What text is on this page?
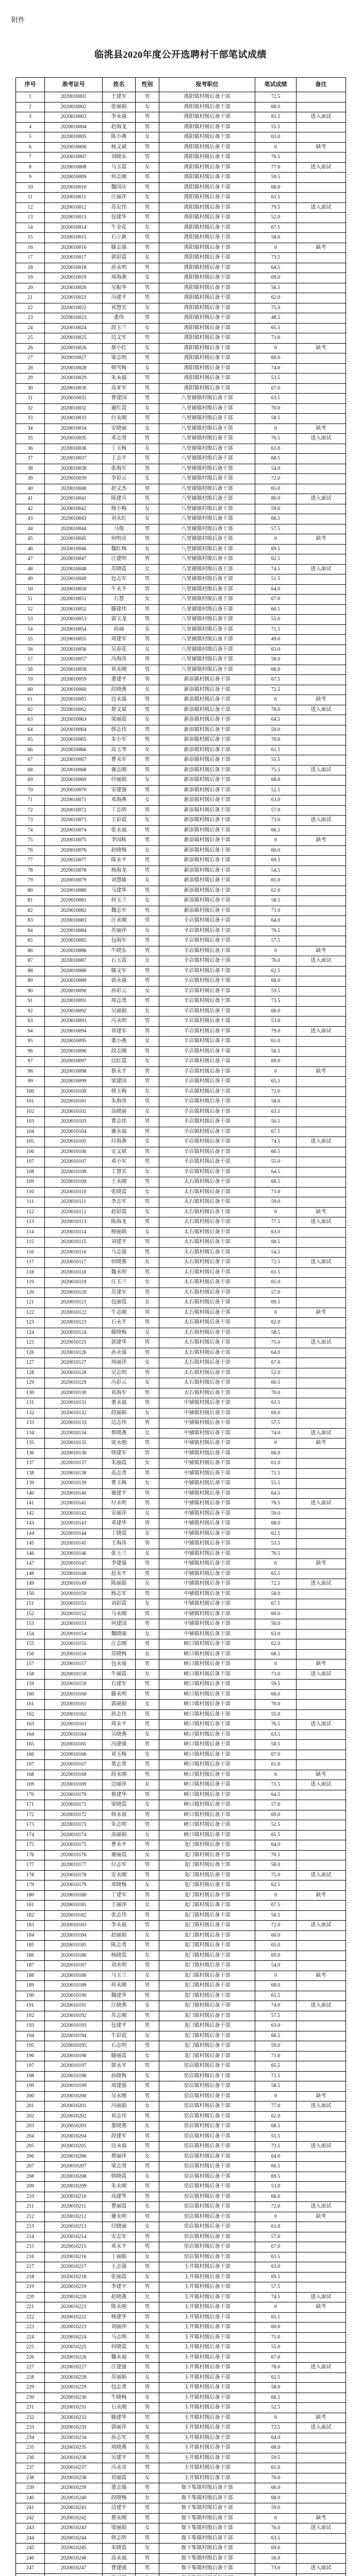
附件
临洮县2020年度公开选聘村干部笔试成绩
序号	准考证号	姓名	性别	报考职位	笔试成绩	备注
1	2020010001	王建军	男	洮阳镇村级后备干部	72.5
2	2020010002	张丽娟	女	洮阳镇村级后备干部	68.0
3	2020010003	李永强	男	洮阳镇村级后备干部	81.5	进入面试
4	2020010004	赵海龙	男	洮阳镇村级后备干部	55.5
5	2020010005	陈小燕	女	洮阳镇村级后备干部	63.0
6	2020010006	杨文斌	男	洮阳镇村级后备干部	0	缺考
7	2020010007	刘晓东	男	洮阳镇村级后备干部	70.5
8	2020010008	马玉霞	女	洮阳镇村级后备干部	77.0	进入面试
9	2020010009	何志刚	男	洮阳镇村级后备干部	59.5
10	2020010010	魏国庆	男	洮阳镇村级后备干部	66.0
11	2020010011	汪丽萍	女	洮阳镇村级后备干部	61.5
12	2020010012	苏宏伟	男	洮阳镇村级后备干部	79.5	进入面试
13	2020010013	包建华	男	洮阳镇村级后备干部	52.0
14	2020010014	牛金花	女	洮阳镇村级后备干部	67.5
15	2020010015	石立新	男	洮阳镇村级后备干部	58.0
16	2020010016	滕志强	男	洮阳镇村级后备干部	0	缺考
17	2020010017	郭彩霞	女	洮阳镇村级后备干部	73.5
18	2020010018	孙永明	男	洮阳镇村级后备干部	64.5
19	2020010019	周海燕	女	洮阳镇村级后备干部	69.0
20	2020010020	吴振华	男	洮阳镇村级后备干部	56.5
21	2020010021	冯建平	男	洮阳镇村级后备干部	62.0
22	2020010022	祁慧芳	女	洮阳镇村级后备干部	75.0
23	2020010023	董伟	男	洮阳镇村级后备干部	48.5
24	2020010024	段玉兰	女	洮阳镇村级后备干部	65.5
25	2020010025	边文军	男	洮阳镇村级后备干部	71.0
26	2020010026	蔡小红	女	洮阳镇村级后备干部	0	缺考
27	2020010027	梁志明	男	洮阳镇村级后备干部	60.0
28	2020010028	韩雪梅	女	洮阳镇村级后备干部	74.0
29	2020010029	朱永福	男	洮阳镇村级后备干部	53.5
30	2020010030	高亚军	男	洮阳镇村级后备干部	67.0
31	2020010031	曹建国	男	八里铺镇村级后备干部	63.5
32	2020010032	谢红霞	女	八里铺镇村级后备干部	70.0
33	2020010033	付永刚	男	八里铺镇村级后备干部	58.5
34	2020010034	安晓丽	女	八里铺镇村级后备干部	0	缺考
35	2020010035	邓志勇	男	八里铺镇村级后备干部	76.5	进入面试
36	2020010036	丁玉梅	女	八里铺镇村级后备干部	61.0
37	2020010037	王志平	男	八里铺镇村级后备干部	68.5
38	2020010038	张海军	男	八里铺镇村级后备干部	54.0
39	2020010039	李彩云	女	八里铺镇村级后备干部	72.0
40	2020010040	赵文杰	男	八里铺镇村级后备干部	65.0
41	2020010041	陈建兵	男	八里铺镇村级后备干部	80.0	进入面试
42	2020010042	杨小梅	女	八里铺镇村级后备干部	59.0
43	2020010043	刘永红	女	八里铺镇村级后备干部	66.5
44	2020010044	马俊	男	八里铺镇村级后备干部	57.5
45	2020010045	何明亮	男	八里铺镇村级后备干部	0	缺考
46	2020010046	魏红梅	女	八里铺镇村级后备干部	69.5
47	2020010047	汪建明	男	八里铺镇村级后备干部	62.5
48	2020010048	苏晓霞	女	八里铺镇村级后备干部	74.5	进入面试
49	2020010049	包志军	男	八里铺镇村级后备干部	51.5
50	2020010050	牛永平	男	八里铺镇村级后备干部	64.0
51	2020010051	石慧	女	八里铺镇村级后备干部	67.0
52	2020010052	滕建伟	男	八里铺镇村级后备干部	60.5
53	2020010053	郭玉龙	男	八里铺镇村级后备干部	55.0
54	2020010054	孙丽	女	八里铺镇村级后备干部	71.5
55	2020010055	周建军	男	八里铺镇村级后备干部	49.0
56	2020010056	吴春花	女	八里铺镇村级后备干部	63.0
57	2020010057	冯海涛	男	八里铺镇村级后备干部	58.0
58	2020010058	祁永刚	男	八里铺镇村级后备干部	66.0
59	2020010059	董建平	男	新添镇村级后备干部	67.5
60	2020010060	段晓燕	女	新添镇村级后备干部	72.5
61	2020010061	边永强	男	新添镇村级后备干部	0	缺考
62	2020010062	蔡文斌	男	新添镇村级后备干部	78.0	进入面试
63	2020010063	梁丽霞	女	新添镇村级后备干部	64.5
64	2020010064	韩志伟	男	新添镇村级后备干部	59.0
65	2020010065	朱小军	男	新添镇村级后备干部	70.0
66	2020010066	高玉琴	女	新添镇村级后备干部	61.5
67	2020010067	曹永军	男	新添镇村级后备干部	55.5
68	2020010068	谢志刚	男	新添镇村级后备干部	75.5	进入面试
69	2020010069	付丽娟	女	新添镇村级后备干部	68.0
70	2020010070	安建强	男	新添镇村级后备干部	52.5
71	2020010071	邓海燕	女	新添镇村级后备干部	63.0
72	2020010072	丁志明	男	新添镇村级后备干部	57.0
73	2020010073	王彩霞	女	新添镇村级后备干部	73.0	进入面试
74	2020010074	张永福	男	新添镇村级后备干部	66.5
75	2020010075	李国栋	男	新添镇村级后备干部	0	缺考
76	2020010076	赵晓梅	女	新添镇村级后备干部	60.0
77	2020010077	陈永平	男	新添镇村级后备干部	69.5
78	2020010078	杨海龙	男	新添镇村级后备干部	54.5
79	2020010079	刘慧敏	女	新添镇村级后备干部	65.0
80	2020010080	马建华	男	新添镇村级后备干部	62.0
81	2020010081	何玉兰	女	新添镇村级后备干部	58.5
82	2020010082	魏志军	男	新添镇村级后备干部	71.0
83	2020010083	汪永刚	男	辛店镇村级后备干部	64.0
84	2020010084	苏丽萍	女	辛店镇村级后备干部	70.5
85	2020010085	包海军	男	辛店镇村级后备干部	57.5
86	2020010086	牛晓东	男	辛店镇村级后备干部	0	缺考
87	2020010087	石玉霞	女	辛店镇村级后备干部	76.0	进入面试
88	2020010088	滕文军	男	辛店镇村级后备干部	62.5
89	2020010089	郭永强	男	辛店镇村级后备干部	68.0
90	2020010090	孙彩云	女	辛店镇村级后备干部	59.5
91	2020010091	周志勇	男	辛店镇村级后备干部	73.5
92	2020010092	吴丽娟	女	辛店镇村级后备干部	66.0
93	2020010093	冯永明	男	辛店镇村级后备干部	53.0
94	2020010094	祁建军	男	辛店镇村级后备干部	79.0	进入面试
95	2020010095	董小燕	女	辛店镇村级后备干部	61.0
96	2020010096	段志刚	男	辛店镇村级后备干部	56.5
97	2020010097	边红霞	女	辛店镇村级后备干部	69.0
98	2020010098	蔡永平	男	辛店镇村级后备干部	0	缺考
99	2020010099	梁建国	男	辛店镇村级后备干部	65.5
100	2020010100	韩玉梅	女	辛店镇村级后备干部	72.0
101	2020010101	朱海涛	男	辛店镇村级后备干部	58.0
102	2020010102	高晓丽	女	辛店镇村级后备干部	63.5
103	2020010103	曹志伟	男	辛店镇村级后备干部	50.5
104	2020010104	谢永福	男	辛店镇村级后备干部	67.5
105	2020010105	付海燕	女	辛店镇村级后备干部	74.5	进入面试
106	2020010106	安文斌	男	辛店镇村级后备干部	60.5
107	2020010107	邓小军	男	辛店镇村级后备干部	55.0
108	2020010108	丁慧芳	女	辛店镇村级后备干部	64.5
109	2020010109	王永刚	男	太石镇村级后备干部	66.5
110	2020010110	张晓霞	女	太石镇村级后备干部	71.0
111	2020010111	李志军	男	太石镇村级后备干部	59.0
112	2020010112	赵彩霞	女	太石镇村级后备干部	0	缺考
113	2020010113	陈海龙	男	太石镇村级后备干部	77.5	进入面试
114	2020010114	杨丽娟	女	太石镇村级后备干部	63.0
115	2020010115	刘建平	男	太石镇村级后备干部	68.5
116	2020010116	马志强	男	太石镇村级后备干部	54.5
117	2020010117	何晓燕	女	太石镇村级后备干部	72.5	进入面试
118	2020010118	魏永明	男	太石镇村级后备干部	61.5
119	2020010119	汪玉兰	女	太石镇村级后备干部	65.0
120	2020010120	苏建军	男	太石镇村级后备干部	57.0
121	2020010121	包丽霞	女	太石镇村级后备干部	69.5
122	2020010122	牛志刚	男	太石镇村级后备干部	0	缺考
123	2020010123	石永平	男	太石镇村级后备干部	62.0
124	2020010124	滕晓梅	女	太石镇村级后备干部	58.5
125	2020010125	郭建华	男	太石镇村级后备干部	75.0	进入面试
126	2020010126	孙永强	男	太石镇村级后备干部	64.0
127	2020010127	周丽萍	女	太石镇村级后备干部	67.0
128	2020010128	吴志明	男	太石镇村级后备干部	52.0
129	2020010129	冯彩云	女	太石镇村级后备干部	60.5
130	2020010130	祁海军	男	太石镇村级后备干部	70.0
131	2020010131	董永福	男	中铺镇村级后备干部	63.5
132	2020010132	段丽娟	女	中铺镇村级后备干部	69.0
133	2020010133	边志伟	男	中铺镇村级后备干部	57.5
134	2020010134	蔡晓燕	女	中铺镇村级后备干部	74.0	进入面试
135	2020010135	梁永刚	男	中铺镇村级后备干部	0	缺考
136	2020010136	韩建军	男	中铺镇村级后备干部	66.0
137	2020010137	朱丽霞	女	中铺镇村级后备干部	61.0
138	2020010138	高志勇	男	中铺镇村级后备干部	71.5
139	2020010139	曹玉梅	女	中铺镇村级后备干部	55.5
140	2020010140	谢建平	男	中铺镇村级后备干部	64.5
141	2020010141	付永明	男	中铺镇村级后备干部	78.5	进入面试
142	2020010142	安丽萍	女	中铺镇村级后备干部	59.0
143	2020010143	邓建华	男	中铺镇村级后备干部	68.0
144	2020010144	丁晓霞	女	中铺镇村级后备干部	62.5
145	2020010145	王海涛	男	中铺镇村级后备干部	53.5
146	2020010146	张玉兰	女	中铺镇村级后备干部	70.5
147	2020010147	李建强	男	中铺镇村级后备干部	0	缺考
148	2020010148	赵永平	男	中铺镇村级后备干部	65.5
149	2020010149	陈丽娟	女	中铺镇村级后备干部	72.5	进入面试
150	2020010150	杨志军	男	中铺镇村级后备干部	58.0
151	2020010151	刘彩霞	女	中铺镇村级后备干部	67.5
152	2020010152	马永刚	男	中铺镇村级后备干部	60.0
153	2020010153	何建国	男	中铺镇村级后备干部	56.0
154	2020010154	魏晓丽	女	中铺镇村级后备干部	63.0
155	2020010155	汪志刚	男	峡口镇村级后备干部	62.0
156	2020010156	苏晓梅	女	峡口镇村级后备干部	68.5
157	2020010157	包永强	男	峡口镇村级后备干部	0	缺考
158	2020010158	牛丽霞	女	峡口镇村级后备干部	73.0	进入面试
159	2020010159	石建军	男	峡口镇村级后备干部	59.5
160	2020010160	滕永明	男	峡口镇村级后备干部	66.0
161	2020010161	郭丽娟	女	峡口镇村级后备干部	70.0
162	2020010162	孙志伟	男	峡口镇村级后备干部	55.0
163	2020010163	周永平	男	峡口镇村级后备干部	76.5	进入面试
164	2020010164	吴晓燕	女	峡口镇村级后备干部	63.5
165	2020010165	冯建强	男	峡口镇村级后备干部	58.5
166	2020010166	祁玉梅	女	峡口镇村级后备干部	67.0
167	2020010167	董志勇	男	峡口镇村级后备干部	61.0
168	2020010168	段永刚	男	峡口镇村级后备干部	0	缺考
169	2020010169	边丽萍	女	峡口镇村级后备干部	71.5	进入面试
170	2020010170	蔡建华	男	峡口镇村级后备干部	64.5
171	2020010171	梁晓霞	女	峡口镇村级后备干部	57.0
172	2020010172	韩永福	男	峡口镇村级后备干部	69.0
173	2020010173	朱志明	男	峡口镇村级后备干部	52.5
174	2020010174	高丽娟	女	峡口镇村级后备干部	65.5
175	2020010175	曹永平	男	龙门镇村级后备干部	64.0
176	2020010176	谢丽霞	女	龙门镇村级后备干部	70.5
177	2020010177	付志军	男	龙门镇村级后备干部	58.0
178	2020010178	安永刚	男	龙门镇村级后备干部	75.0	进入面试
179	2020010179	邓晓梅	女	龙门镇村级后备干部	62.5
180	2020010180	丁建军	男	龙门镇村级后备干部	0	缺考
181	2020010181	王丽萍	女	龙门镇村级后备干部	67.5
182	2020010182	张志伟	男	龙门镇村级后备干部	56.5
183	2020010183	李永福	男	龙门镇村级后备干部	72.0	进入面试
184	2020010184	赵丽娟	女	龙门镇村级后备干部	60.0
185	2020010185	陈志勇	男	龙门镇村级后备干部	65.0
186	2020010186	杨晓霞	女	龙门镇村级后备干部	69.0
187	2020010187	刘永明	男	龙门镇村级后备干部	54.0
188	2020010188	马玉兰	女	龙门镇村级后备干部	0	缺考
189	2020010189	何永刚	男	龙门镇村级后备干部	68.0
190	2020010190	魏建华	男	龙门镇村级后备干部	61.5
191	2020010191	汪晓燕	女	龙门镇村级后备干部	74.0	进入面试
192	2020010192	苏志刚	男	龙门镇村级后备干部	57.5
193	2020010193	包建平	男	龙门镇村级后备干部	63.0
194	2020010194	牛彩霞	女	龙门镇村级后备干部	66.5
195	2020010195	石志明	男	龙门镇村级后备干部	59.0
196	2020010196	滕丽霞	女	龙门镇村级后备干部	71.0
197	2020010197	郭永平	男	窑店镇村级后备干部	65.5
198	2020010198	孙晓梅	女	窑店镇村级后备干部	71.5
199	2020010199	周建强	男	窑店镇村级后备干部	58.5
200	2020010200	吴永刚	男	窑店镇村级后备干部	0	缺考
201	2020010201	冯丽娟	女	窑店镇村级后备干部	77.0	进入面试
202	2020010202	祁志伟	男	窑店镇村级后备干部	62.0
203	2020010203	董晓燕	女	窑店镇村级后备干部	68.5
204	2020010204	段建军	男	窑店镇村级后备干部	55.5
205	2020010205	边永福	男	窑店镇村级后备干部	73.5	进入面试
206	2020010206	蔡丽萍	女	窑店镇村级后备干部	64.0
207	2020010207	梁志勇	男	窑店镇村级后备干部	60.5
208	2020010208	韩晓霞	女	窑店镇村级后备干部	69.5
209	2020010209	朱永刚	男	窑店镇村级后备干部	53.0
210	2020010210	高建华	男	窑店镇村级后备干部	66.0
211	2020010211	曹丽霞	女	窑店镇村级后备干部	72.0	进入面试
212	2020010212	谢永明	男	窑店镇村级后备干部	0	缺考
213	2020010213	付晓丽	女	窑店镇村级后备干部	61.0
214	2020010214	安志军	男	窑店镇村级后备干部	57.0
215	2020010215	邓永平	男	窑店镇村级后备干部	67.0
216	2020010216	丁丽娟	女	窑店镇村级后备干部	63.5
217	2020010217	王志强	男	玉井镇村级后备干部	63.0
218	2020010218	张丽霞	女	玉井镇村级后备干部	69.5
219	2020010219	李建平	男	玉井镇村级后备干部	57.5
220	2020010220	赵晓燕	女	玉井镇村级后备干部	74.5	进入面试
221	2020010221	陈永刚	男	玉井镇村级后备干部	0	缺考
222	2020010222	杨建华	男	玉井镇村级后备干部	65.5
223	2020010223	刘丽萍	女	玉井镇村级后备干部	60.0
224	2020010224	马志明	男	玉井镇村级后备干部	71.0
225	2020010225	何晓霞	女	玉井镇村级后备干部	55.0
226	2020010226	魏永福	男	玉井镇村级后备干部	67.0
227	2020010227	汪建强	男	玉井镇村级后备干部	78.0	进入面试
228	2020010228	苏丽娟	女	玉井镇村级后备干部	62.5
229	2020010229	包志勇	男	玉井镇村级后备干部	58.0
230	2020010230	牛晓梅	女	玉井镇村级后备干部	66.5
231	2020010231	石永刚	男	玉井镇村级后备干部	52.5
232	2020010232	滕建华	男	玉井镇村级后备干部	0	缺考
233	2020010233	郭丽萍	女	玉井镇村级后备干部	72.5	进入面试
234	2020010234	孙志军	男	玉井镇村级后备干部	64.0
235	2020010235	周晓燕	女	玉井镇村级后备干部	68.0
236	2020010236	吴建平	男	玉井镇村级后备干部	59.5
237	2020010237	冯永亮	男	玉井镇村级后备干部	61.0
238	2020010238	祁丽霞	女	玉井镇村级后备干部	70.0
239	2020010239	董志强	男	衙下集镇村级后备干部	66.0
240	2020010240	段晓梅	女	衙下集镇村级后备干部	68.0
241	2020010241	边建平	男	衙下集镇村级后备干部	59.0
242	2020010242	蔡永刚	男	衙下集镇村级后备干部	0	缺考
243	2020010243	梁丽娟	女	衙下集镇村级后备干部	76.0	进入面试
244	2020010244	韩志明	男	衙下集镇村级后备干部	63.5
245	2020010245	朱晓霞	女	衙下集镇村级后备干部	69.0
246	2020010246	高永福	男	衙下集镇村级后备干部	56.0
247	2020010247	曹建强	男	衙下集镇村级后备干部	73.0	进入面试
